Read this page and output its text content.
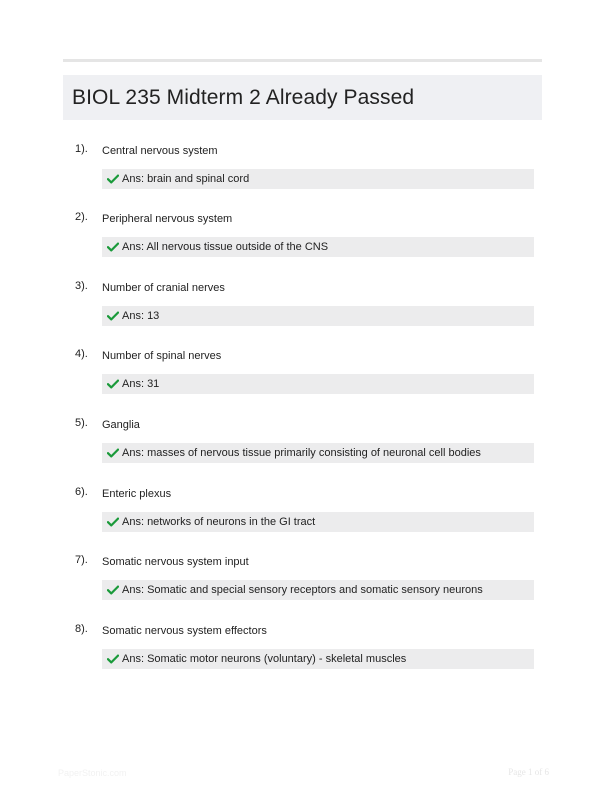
BIOL 235 Midterm 2 Already Passed
1). Central nervous system
Ans: brain and spinal cord
2). Peripheral nervous system
Ans: All nervous tissue outside of the CNS
3). Number of cranial nerves
Ans: 13
4). Number of spinal nerves
Ans: 31
5). Ganglia
Ans: masses of nervous tissue primarily consisting of neuronal cell bodies
6). Enteric plexus
Ans: networks of neurons in the GI tract
7). Somatic nervous system input
Ans: Somatic and special sensory receptors and somatic sensory neurons
8). Somatic nervous system effectors
Ans: Somatic motor neurons (voluntary) - skeletal muscles
PaperStonic.com	Page 1 of 6
